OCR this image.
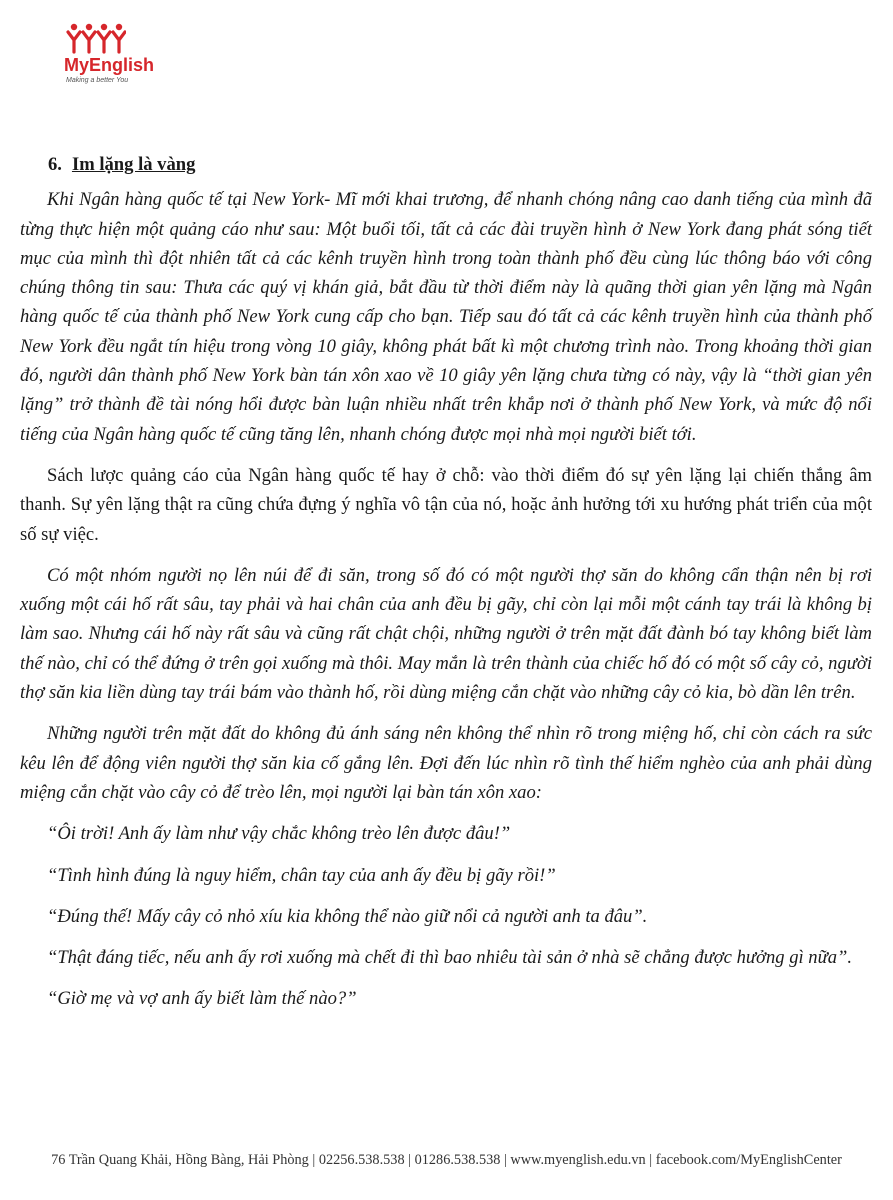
MyEnglish
Making a better You
6. Im lặng là vàng

Khi Ngân hàng quốc tế tại New York- Mĩ mới khai trương, để nhanh chóng nâng cao danh tiếng của mình đã từng thực hiện một quảng cáo như sau: Một buổi tối, tất cả các đài truyền hình ở New York đang phát sóng tiết mục của mình thì đột nhiên tất cả các kênh truyền hình trong toàn thành phố đều cùng lúc thông báo với công chúng thông tin sau: Thưa các quý vị khán giả, bắt đầu từ thời điểm này là quãng thời gian yên lặng mà Ngân hàng quốc tế của thành phố New York cung cấp cho bạn. Tiếp sau đó tất cả các kênh truyền hình của thành phố New York đều ngắt tín hiệu trong vòng 10 giây, không phát bất kì một chương trình nào. Trong khoảng thời gian đó, người dân thành phố New York bàn tán xôn xao về 10 giây yên lặng chưa từng có này, vậy là “thời gian yên lặng” trở thành đề tài nóng hổi được bàn luận nhiều nhất trên khắp nơi ở thành phố New York, và mức độ nổi tiếng của Ngân hàng quốc tế cũng tăng lên, nhanh chóng được mọi nhà mọi người biết tới.

Sách lược quảng cáo của Ngân hàng quốc tế hay ở chỗ: vào thời điểm đó sự yên lặng lại chiến thắng âm thanh. Sự yên lặng thật ra cũng chứa đựng ý nghĩa vô tận của nó, hoặc ảnh hưởng tới xu hướng phát triển của một số sự việc.

Có một nhóm người nọ lên núi để đi săn, trong số đó có một người thợ săn do không cẩn thận nên bị rơi xuống một cái hố rất sâu, tay phải và hai chân của anh đều bị gãy, chỉ còn lại mỗi một cánh tay trái là không bị làm sao. Nhưng cái hố này rất sâu và cũng rất chật chội, những người ở trên mặt đất đành bó tay không biết làm thế nào, chỉ có thể đứng ở trên gọi xuống mà thôi. May mắn là trên thành của chiếc hố đó có một số cây cỏ, người thợ săn kia liền dùng tay trái bám vào thành hố, rồi dùng miệng cắn chặt vào những cây cỏ kia, bò dần lên trên.

Những người trên mặt đất do không đủ ánh sáng nên không thể nhìn rõ trong miệng hố, chỉ còn cách ra sức kêu lên để động viên người thợ săn kia cố gắng lên. Đợi đến lúc nhìn rõ tình thế hiểm nghèo của anh phải dùng miệng cắn chặt vào cây cỏ để trèo lên, mọi người lại bàn tán xôn xao:

“Ôi trời! Anh ấy làm như vậy chắc không trèo lên được đâu!”

“Tình hình đúng là nguy hiểm, chân tay của anh ấy đều bị gãy rồi!”

“Đúng thế! Mấy cây cỏ nhỏ xíu kia không thể nào giữ nổi cả người anh ta đâu”.

“Thật đáng tiếc, nếu anh ấy rơi xuống mà chết đi thì bao nhiêu tài sản ở nhà sẽ chẳng được hưởng gì nữa”.

“Giờ mẹ và vợ anh ấy biết làm thế nào?”

76 Trần Quang Khải, Hồng Bàng, Hải Phòng | 02256.538.538 | 01286.538.538 | www.myenglish.edu.vn | facebook.com/MyEnglishCenter
